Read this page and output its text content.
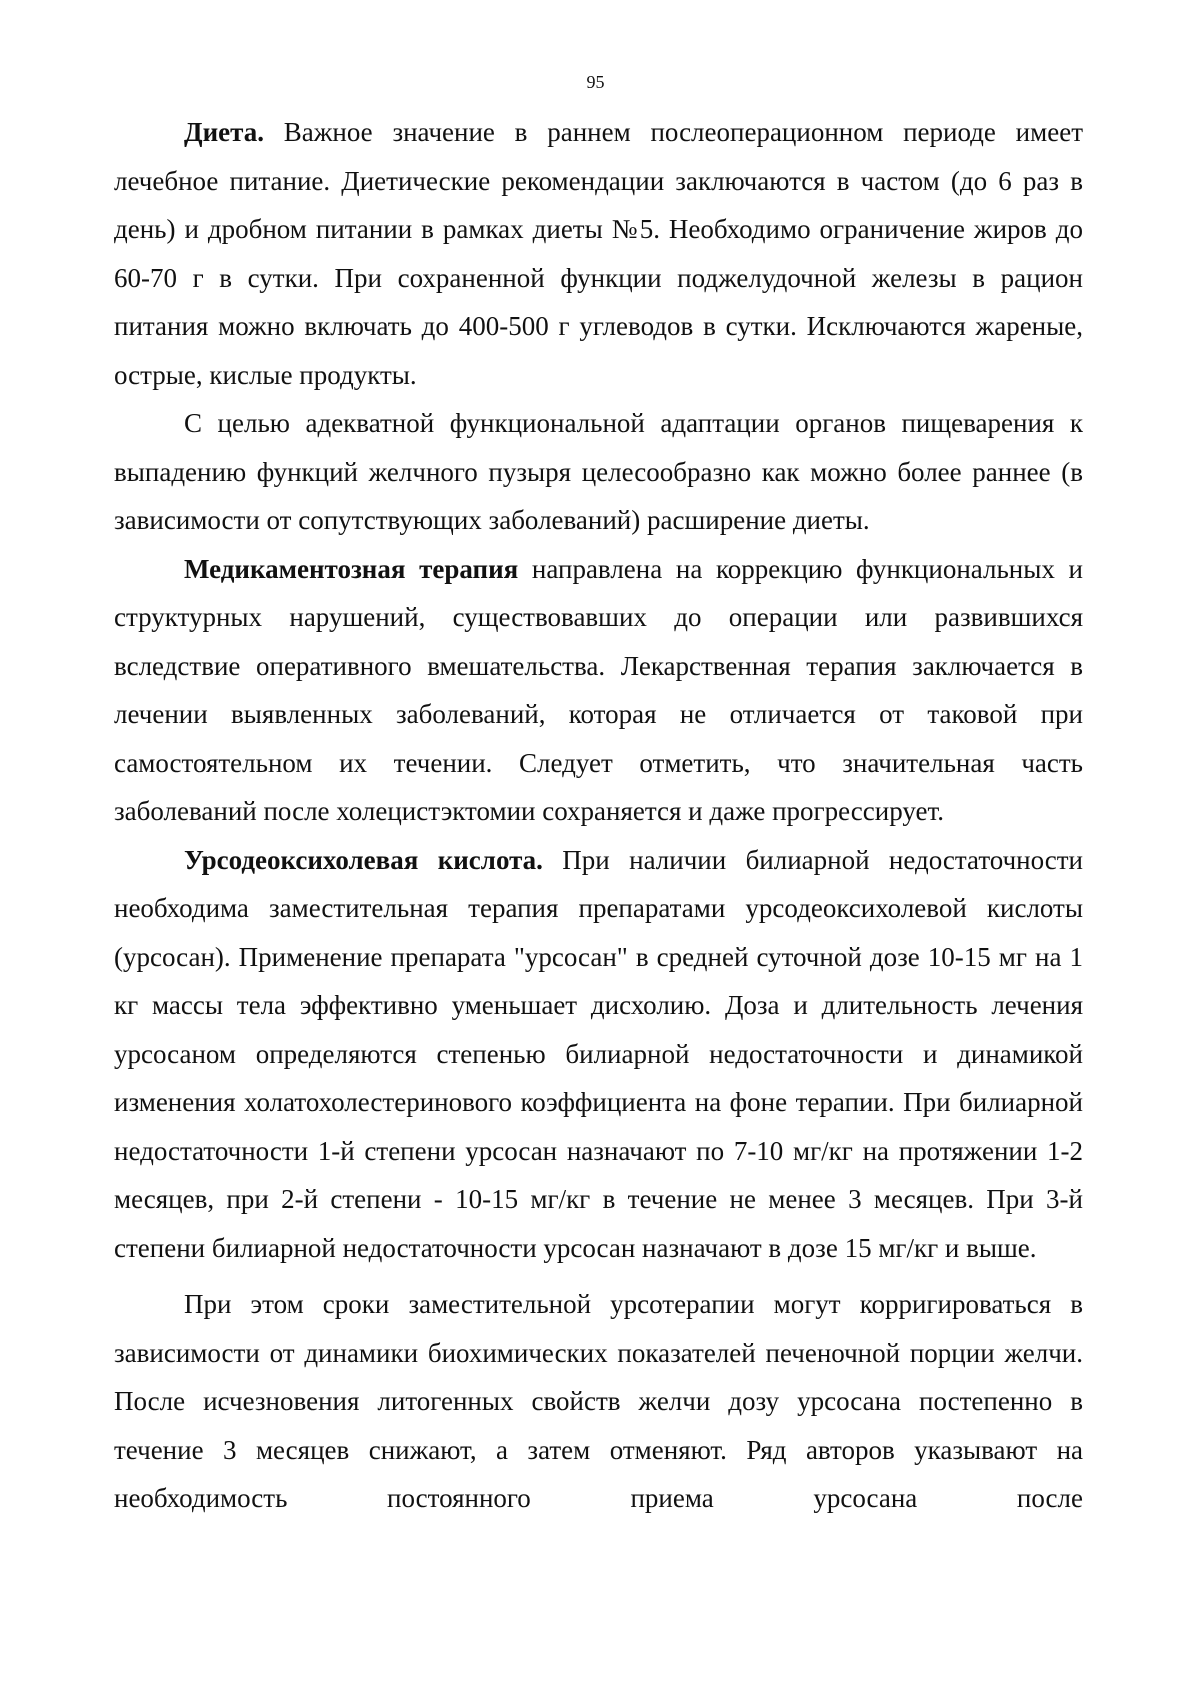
95

Диета. Важное значение в раннем послеоперационном периоде имеет лечебное питание. Диетические рекомендации заключаются в частом (до 6 раз в день) и дробном питании в рамках диеты №5. Необходимо ограничение жиров до 60-70 г в сутки. При сохраненной функции поджелудочной железы в рацион питания можно включать до 400-500 г углеводов в сутки. Исключаются жареные, острые, кислые продукты.

С целью адекватной функциональной адаптации органов пищеварения к выпадению функций желчного пузыря целесообразно как можно более раннее (в зависимости от сопутствующих заболеваний) расширение диеты.

Медикаментозная терапия направлена на коррекцию функциональных и структурных нарушений, существовавших до операции или развившихся вследствие оперативного вмешательства. Лекарственная терапия заключается в лечении выявленных заболеваний, которая не отличается от таковой при самостоятельном их течении. Следует отметить, что значительная часть заболеваний после холецистэктомии сохраняется и даже прогрессирует.

Урсодеоксихолевая кислота. При наличии билиарной недостаточности необходима заместительная терапия препаратами урсодеоксихолевой кислоты (урсосан). Применение препарата "урсосан" в средней суточной дозе 10-15 мг на 1 кг массы тела эффективно уменьшает дисхолию. Доза и длительность лечения урсосаном определяются степенью билиарной недостаточности и динамикой изменения холатохолестеринового коэффициента на фоне терапии. При билиарной недостаточности 1-й степени урсосан назначают по 7-10 мг/кг на протяжении 1-2 месяцев, при 2-й степени - 10-15 мг/кг в течение не менее 3 месяцев. При 3-й степени билиарной недостаточности урсосан назначают в дозе 15 мг/кг и выше.

При этом сроки заместительной урсотерапии могут корригироваться в зависимости от динамики биохимических показателей печеночной порции желчи. После исчезновения литогенных свойств желчи дозу урсосана постепенно в течение 3 месяцев снижают, а затем отменяют. Ряд авторов указывают на необходимость постоянного приема урсосана после
